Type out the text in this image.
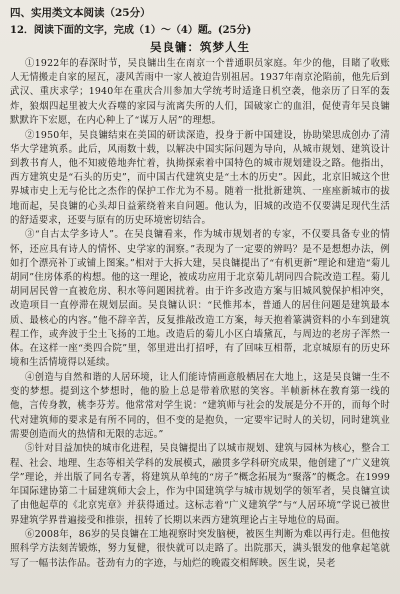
四、实用类文本阅读（25分）

12．阅读下面的文字，完成（1）～（4）题。(25分)

吴良镛：筑梦人生

①1922年的春深时节，吴良镛出生在南京一个普通职员家庭。年少的他，目睹了收账人无情搬走自家的屋瓦，凄风苦雨中一家人被迫告别祖居。1937年南京沦陷前，他先后到武汉、重庆求学；1940年在重庆合川参加大学统考时适逢日机空袭，他亲历了日军的轰炸，狼烟四起里被大火吞噬的家园与流离失所的人们，国破家亡的血泪，促使青年吴良镛默默许下宏愿，在内心种上了“谋万人居”的理想。

②1950年，吴良镛结束在美国的研读深造，投身于新中国建设，协助梁思成创办了清华大学建筑系。此后，风雨数十载，以解决中国实际问题为导向，从城市规划、建筑设计到教书育人，他不知疲倦地奔忙着，执拗探索着中国特色的城市规划建设之路。他指出，西方建筑史是“石头的历史”，而中国古代建筑史是“土木的历史”。因此，北京旧城这个世界城市史上无与伦比之杰作的保护工作尤为不易。随着一批批新建筑、一座座新城市的拔地而起，吴良镛的心头却日益萦绕着来自问题。他认为，旧城的改造不仅要满足现代生活的舒适要求，还要与原有的历史环境密切结合。

③“自古太学多诗人”。在吴良镛看来，作为城市规划者的专家，不仅要具备专业的情怀，还应具有诗人的情怀、史学家的洞察。”表现为了一定要的辨吗？是不是想想办法，例如打个漂亮补丁或铺上图案。”相对于大拆大建，吴良镛提出了“有机更新”理论和建造“菊儿胡同”住房体系的构想。他的这一理论，被成功应用于北京菊儿胡同四合院改造工程。菊儿胡同居民曾一直被危房、积水等问题困扰着。由于许多改造方案与旧城风貌保护相冲突，改造项目一直停滞在规划层面。吴良镛认识：“民惟邦本，普通人的居住问题是建筑最本质、最核心的内容。”他不辞辛苦，反复推敲改造工方案，每天抱着篆满资料的小车到建筑程工作，或奔波于尘土飞扬的工地。改造后的菊儿小区白墙黛瓦，与周边的老房子浑然一体。在这样一座“类四合院”里，邻里进出打招呼，有了回味互相帮，北京城原有的历史环境和生活情境得以延续。

④创造与自然和谐的人居环境，让人们能诗情画意般栖居在大地上，这是吴良镛一生不变的梦想。提到这个梦想时，他的脸上总是带着欣慰的笑容。半帧新林在教育第一线的他，言传身教，桃李芬芳。他常常对学生说：“建筑师与社会的发展是分不开的，而每个时代对建筑师的要求是有所不同的，但不变的是抱负，一定要牢记时人的关切，同时建筑业需要创造而火的热情和无限的志远。”

⑤针对目益加快的城市化进程，吴良镛提出了以城市规划、建筑与园林为核心，整合工程、社会、地理、生态等相关学科的发展模式，融贯多学科研究成果，他创建了“广义建筑学”理论，并出版了同名专著，将建筑从单纯的“房子”概念拓展为“聚落”的概念。在1999年国际建协第二十届建筑师大会上，作为中国建筑学与城市规划学的领军者，吴良镛宣读了由他起草的《北京宪章》并获得通过。这标志着“广义建筑学”与“人居环境”学说已被世界建筑学界普遍接受和推崇，扭转了长期以来西方建筑理论占主导地位的局面。

⑥2008年，86岁的吴良镛在工地视察时突发脑梗，被医生判断为难以再行走。但他按照科学方法刻苦锻炼，努力复健，很快就可以走路了。出院那天，满头银发的他拿起笔就写了一幅书法作品。苍劲有力的字迹，与灿烂的晚霞交相辉映。医生说，吴老
